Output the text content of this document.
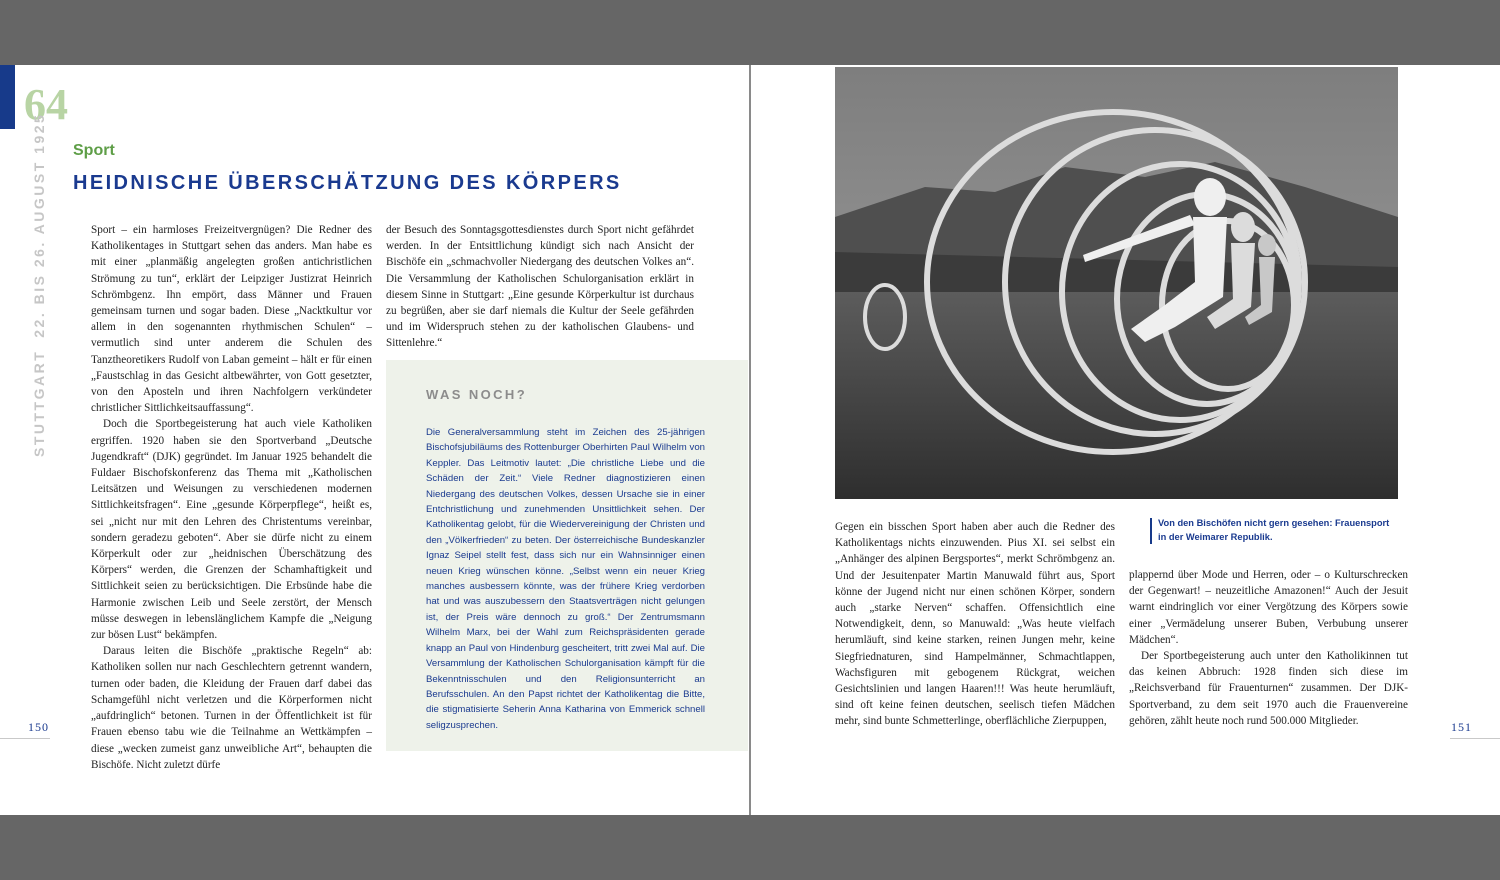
64
STUTTGART22. BIS 26. AUGUST 1925 Sport
HEIDNISCHE ÜBERSCHÄTZUNG DES KÖRPERS

Sport – ein harmloses Freizeitvergnügen? Die Redner des Katholikentages in Stuttgart sehen das anders. Man habe es mit einer „planmäßig angelegten großen antichristlichen Strömung zu tun“, erklärt der Leipziger Justizrat Heinrich Schrömbgenz. Ihn empört, dass Männer und Frauen gemeinsam turnen und sogar baden. Diese „Nacktkultur vor allem in den sogenannten rhythmischen Schulen“ – vermutlich sind unter anderem die Schulen des Tanztheoretikers Rudolf von Laban gemeint – hält er für einen „Faustschlag in das Gesicht altbewährter, von Gott gesetzter, von den Aposteln und ihren Nachfolgern verkündeter christlicher Sittlichkeitsauffassung“.

Doch die Sportbegeisterung hat auch viele Katholiken ergriffen. 1920 haben sie den Sportverband „Deutsche Jugendkraft“ (DJK) gegründet. Im Januar 1925 behandelt die Fuldaer Bischofskonferenz das Thema mit „Katholischen Leitsätzen und Weisungen zu verschiedenen modernen Sittlichkeitsfragen“. Eine „gesunde Körperpflege“, heißt es, sei „nicht nur mit den Lehren des Christentums vereinbar, sondern geradezu geboten“. Aber sie dürfe nicht zu einem Körperkult oder zur „heidnischen Überschätzung des Körpers“ werden, die Grenzen der Schamhaftigkeit und Sittlichkeit seien zu berücksichtigen. Die Erbsünde habe die Harmonie zwischen Leib und Seele zerstört, der Mensch müsse deswegen in lebenslänglichem Kampfe die „Neigung zur bösen Lust“ bekämpfen.

Daraus leiten die Bischöfe „praktische Regeln“ ab: Katholiken sollen nur nach Geschlechtern getrennt wandern, turnen oder baden, die Kleidung der Frauen darf dabei das Schamgefühl nicht verletzen und die Körperformen nicht „aufdringlich“ betonen. Turnen in der Öffentlichkeit ist für Frauen ebenso tabu wie die Teilnahme an Wettkämpfen – diese „wecken zumeist ganz unweibliche Art“, behaupten die Bischöfe. Nicht zuletzt dürfe

der Besuch des Sonntagsgottesdienstes durch Sport nicht gefährdet werden. In der Entsittlichung kündigt sich nach Ansicht der Bischöfe ein „schmachvoller Niedergang des deutschen Volkes an“. Die Versammlung der Katholischen Schulorganisation erklärt in diesem Sinne in Stuttgart: „Eine gesunde Körperkultur ist durchaus zu begrüßen, aber sie darf niemals die Kultur der Seele gefährden und im Widerspruch stehen zu der katholischen Glaubens- und Sittenlehre.“

WAS NOCH?

Die Generalversammlung steht im Zeichen des 25-jährigen Bischofsjubiläums des Rottenburger Oberhirten Paul Wilhelm von Keppler. Das Leitmotiv lautet: „Die christliche Liebe und die Schäden der Zeit.“ Viele Redner diagnostizieren einen Niedergang des deutschen Volkes, dessen Ursache sie in einer Entchristlichung und zunehmenden Unsittlichkeit sehen. Der Katholikentag gelobt, für die Wiedervereinigung der Christen und den „Völkerfrieden“ zu beten. Der österreichische Bundeskanzler Ignaz Seipel stellt fest, dass sich nur ein Wahnsinniger einen neuen Krieg wünschen könne. „Selbst wenn ein neuer Krieg manches ausbessern könnte, was der frühere Krieg verdorben hat und was auszubessern den Staatsverträgen nicht gelungen ist, der Preis wäre dennoch zu groß.“ Der Zentrumsmann Wilhelm Marx, bei der Wahl zum Reichspräsidenten gerade knapp an Paul von Hindenburg gescheitert, tritt zwei Mal auf. Die Versammlung der Katholischen Schulorganisation kämpft für die Bekenntnisschulen und den Religionsunterricht an Berufsschulen. An den Papst richtet der Katholikentag die Bitte, die stigmatisierte Seherin Anna Katharina von Emmerick schnell seligzusprechen.

150
Von den Bischöfen nicht gern gesehen: Frauensport in der Weimarer Republik.

Gegen ein bisschen Sport haben aber auch die Redner des Katholikentags nichts einzuwenden. Pius XI. sei selbst ein „Anhänger des alpinen Bergsportes“, merkt Schrömbgenz an. Und der Jesuitenpater Martin Manuwald führt aus, Sport könne der Jugend nicht nur einen schönen Körper, sondern auch „starke Nerven“ schaffen. Offensichtlich eine Notwendigkeit, denn, so Manuwald: „Was heute vielfach herumläuft, sind keine starken, reinen Jungen mehr, keine Siegfriednaturen, sind Hampelmänner, Schmachtlappen, Wachsfiguren mit gebogenem Rückgrat, weichen Gesichtslinien und langen Haaren!!! Was heute herumläuft, sind oft keine feinen deutschen, seelisch tiefen Mädchen mehr, sind bunte Schmetterlinge, oberflächliche Zierpuppen,

plappernd über Mode und Herren, oder – o Kulturschrecken der Gegenwart! – neuzeitliche Amazonen!“ Auch der Jesuit warnt eindringlich vor einer Vergötzung des Körpers sowie einer „Vermädelung unserer Buben, Verbubung unserer Mädchen“.

Der Sportbegeisterung auch unter den Katholikinnen tut das keinen Abbruch: 1928 finden sich diese im „Reichsverband für Frauenturnen“ zusammen. Der DJK-Sportverband, zu dem seit 1970 auch die Frauenvereine gehören, zählt heute noch rund 500.000 Mitglieder.	151
